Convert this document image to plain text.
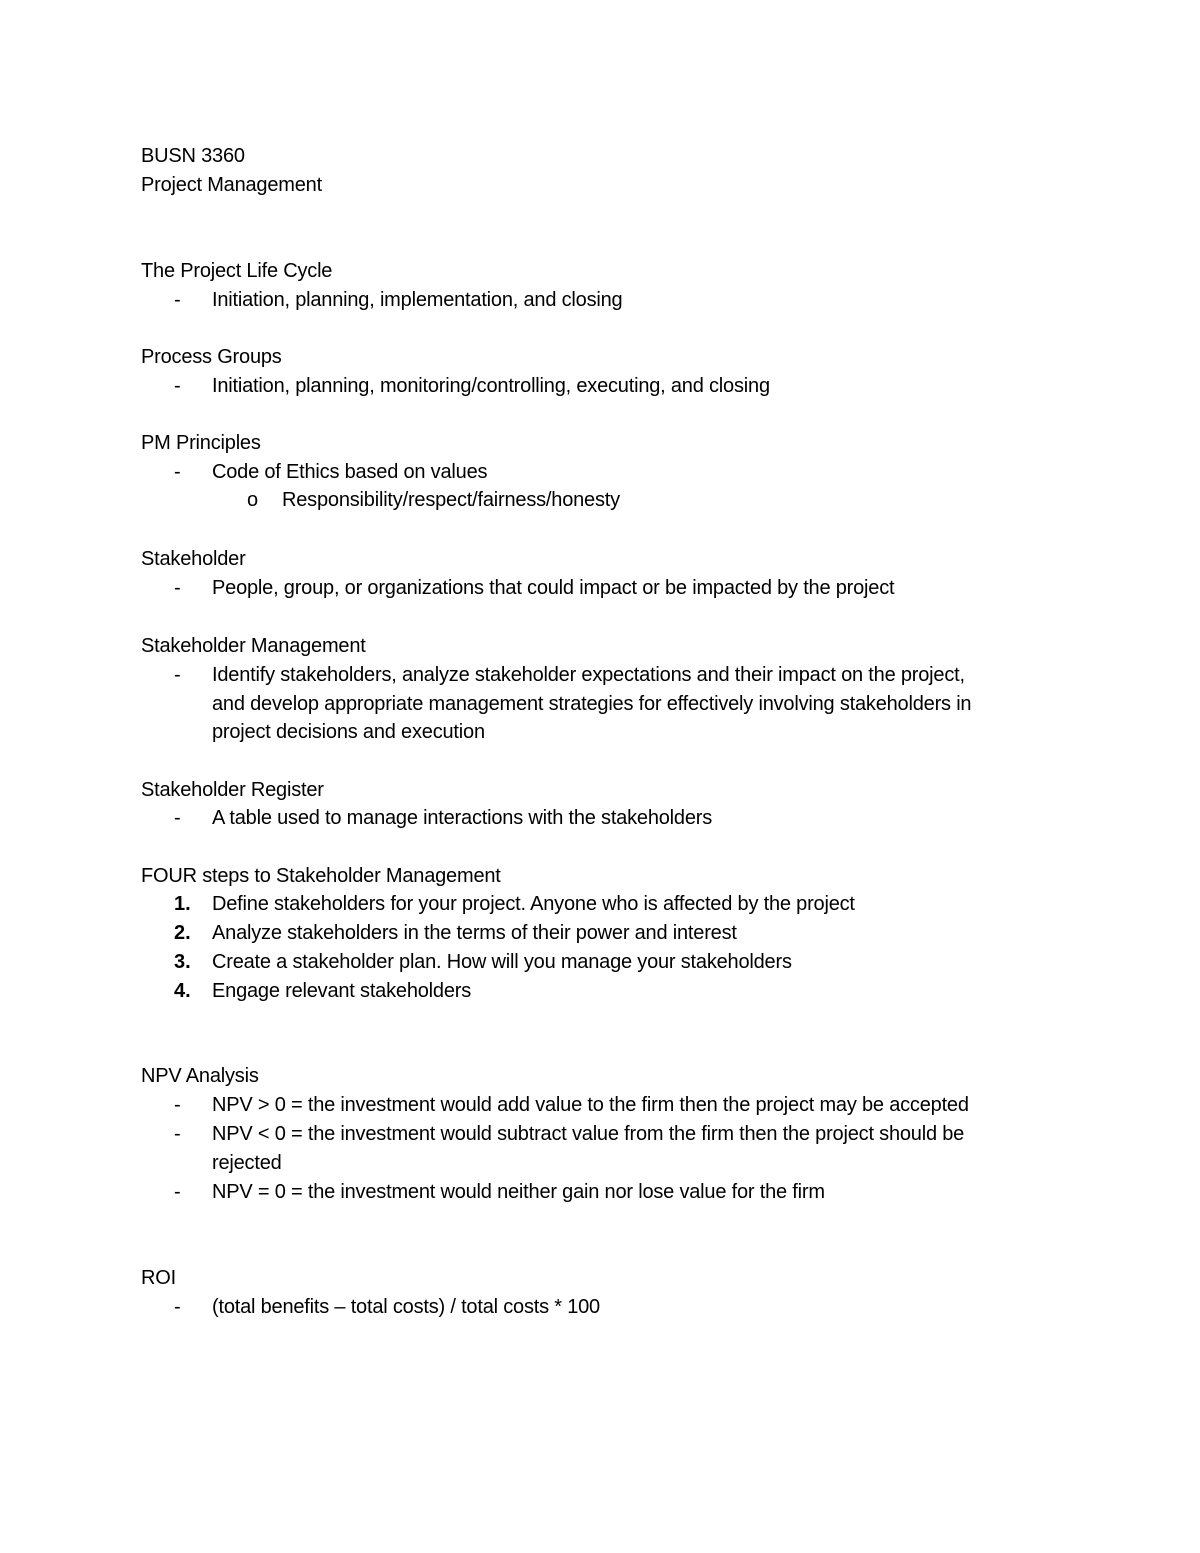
BUSN 3360
Project Management
The Project Life Cycle
- Initiation, planning, implementation, and closing
Process Groups
- Initiation, planning, monitoring/controlling, executing, and closing
PM Principles
- Code of Ethics based on values
o Responsibility/respect/fairness/honesty
Stakeholder
- People, group, or organizations that could impact or be impacted by the project
Stakeholder Management
- Identify stakeholders, analyze stakeholder expectations and their impact on the project,
and develop appropriate management strategies for effectively involving stakeholders in
project decisions and execution
Stakeholder Register
- A table used to manage interactions with the stakeholders
FOUR steps to Stakeholder Management
1. Define stakeholders for your project. Anyone who is affected by the project
2. Analyze stakeholders in the terms of their power and interest
3. Create a stakeholder plan. How will you manage your stakeholders
4. Engage relevant stakeholders
NPV Analysis
- NPV > 0 = the investment would add value to the firm then the project may be accepted
- NPV < 0 = the investment would subtract value from the firm then the project should be
rejected
- NPV = 0 = the investment would neither gain nor lose value for the firm
ROI
- (total benefits – total costs) / total costs * 100
